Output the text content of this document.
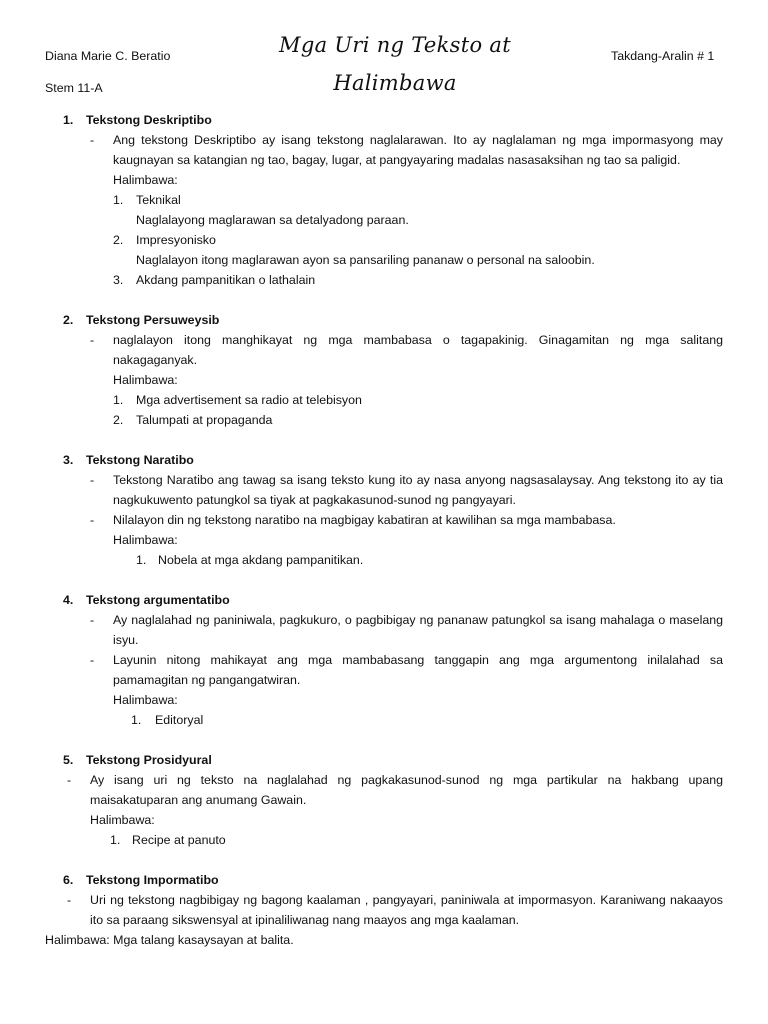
Diana Marie C. Beratio
Stem 11-A
Takdang-Aralin # 1
Mga Uri ng Teksto at
Halimbawa
1. Tekstong Deskriptibo
- Ang tekstong Deskriptibo ay isang tekstong naglalarawan. Ito ay naglalaman ng mga impormasyong may kaugnayan sa katangian ng tao, bagay, lugar, at pangyayaring madalas nasasaksihan ng tao sa paligid.
Halimbawa:
1. Teknikal
Naglalayong maglarawan sa detalyadong paraan.
2. Impresyonisko
Naglalayon itong maglarawan ayon sa pansariling pananaw o personal na saloobin.
3. Akdang pampanitikan o lathalain
2. Tekstong Persuweysib
- naglalayon itong manghikayat ng mga mambabasa o tagapakinig. Ginagamitan ng mga salitang nakagaganyak.
Halimbawa:
1. Mga advertisement sa radio at telebisyon
2. Talumpati at propaganda
3. Tekstong Naratibo
- Tekstong Naratibo ang tawag sa isang teksto kung ito ay nasa anyong nagsasalaysay. Ang tekstong ito ay tia nagkukuwento patungkol sa tiyak at pagkakasunod-sunod ng pangyayari.
- Nilalayon din ng tekstong naratibo na magbigay kabatiran at kawilihan sa mga mambabasa.
Halimbawa:
1. Nobela at mga akdang pampanitikan.
4. Tekstong argumentatibo
- Ay naglalahad ng paniniwala, pagkukuro, o pagbibigay ng pananaw patungkol sa isang mahalaga o maselang isyu.
- Layunin nitong mahikayat ang mga mambabasang tanggapin ang mga argumentong inilalahad sa pamamagitan ng pangangatwiran.
Halimbawa:
1. Editoryal
5. Tekstong Prosidyural
- Ay isang uri ng teksto na naglalahad ng pagkakasunod-sunod ng mga partikular na hakbang upang maisakatuparan ang anumang Gawain.
Halimbawa:
1. Recipe at panuto
6. Tekstong Impormatibo
- Uri ng tekstong nagbibigay ng bagong kaalaman , pangyayari, paniniwala at impormasyon. Karaniwang nakaayos ito sa paraang sikswensyal at ipinaliliwanag nang maayos ang mga kaalaman.
Halimbawa: Mga talang kasaysayan at balita.
